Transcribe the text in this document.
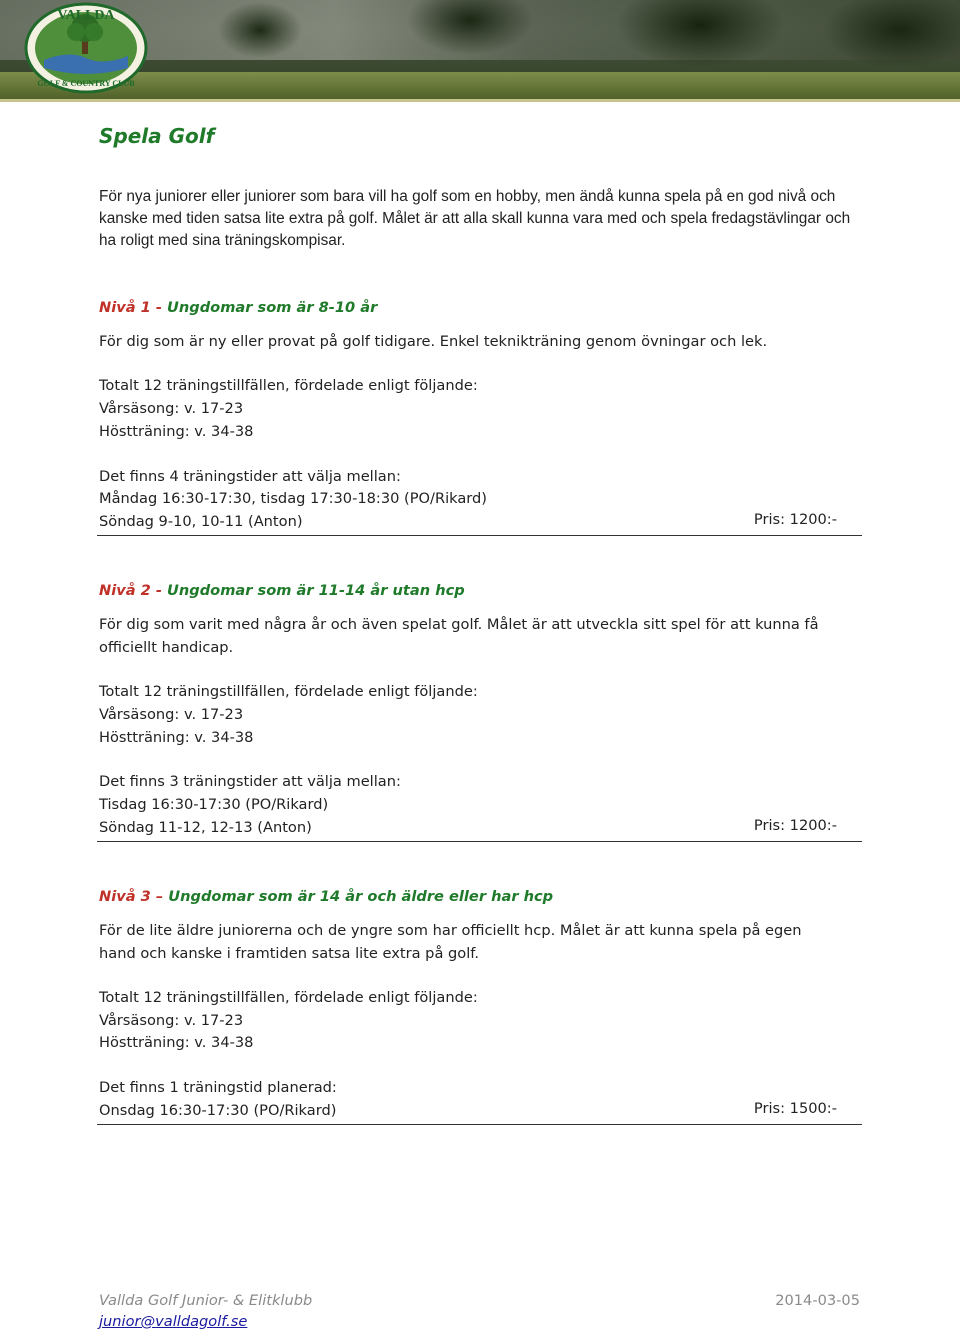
VALLDA
GOLF & COUNTRY CLUB
Spela Golf

För nya juniorer eller juniorer som bara vill ha golf som en hobby, men ändå kunna spela på en god nivå och kanske med tiden satsa lite extra på golf. Målet är att alla skall kunna vara med och spela fredagstävlingar och ha roligt med sina träningskompisar.

Nivå 1 - Ungdomar som är 8-10 år

För dig som är ny eller provat på golf tidigare. Enkel teknikträning genom övningar och lek.

Totalt 12 träningstillfällen, fördelade enligt följande:

Vårsäsong: v. 17-23

Höstträning: v. 34-38

Det finns 4 träningstider att välja mellan:

Måndag 16:30-17:30, tisdag 17:30-18:30 (PO/Rikard)

Söndag 9-10, 10-11 (Anton)	Pris: 1200:-

Nivå 2 - Ungdomar som är 11-14 år utan hcp

För dig som varit med några år och även spelat golf. Målet är att utveckla sitt spel för att kunna få officiellt handicap.

Totalt 12 träningstillfällen, fördelade enligt följande:

Vårsäsong: v. 17-23

Höstträning: v. 34-38

Det finns 3 träningstider att välja mellan:

Tisdag 16:30-17:30 (PO/Rikard)

Söndag 11-12, 12-13 (Anton)	Pris: 1200:-

Nivå 3 – Ungdomar som är 14 år och äldre eller har hcp

För de lite äldre juniorerna och de yngre som har officiellt hcp. Målet är att kunna spela på egen hand och kanske i framtiden satsa lite extra på golf.

Totalt 12 träningstillfällen, fördelade enligt följande:

Vårsäsong: v. 17-23

Höstträning: v. 34-38

Det finns 1 träningstid planerad:

Onsdag 16:30-17:30 (PO/Rikard)	Pris: 1500:-

Vallda Golf Junior- & Elitklubb	2014-03-05

junior@valldagolf.se
